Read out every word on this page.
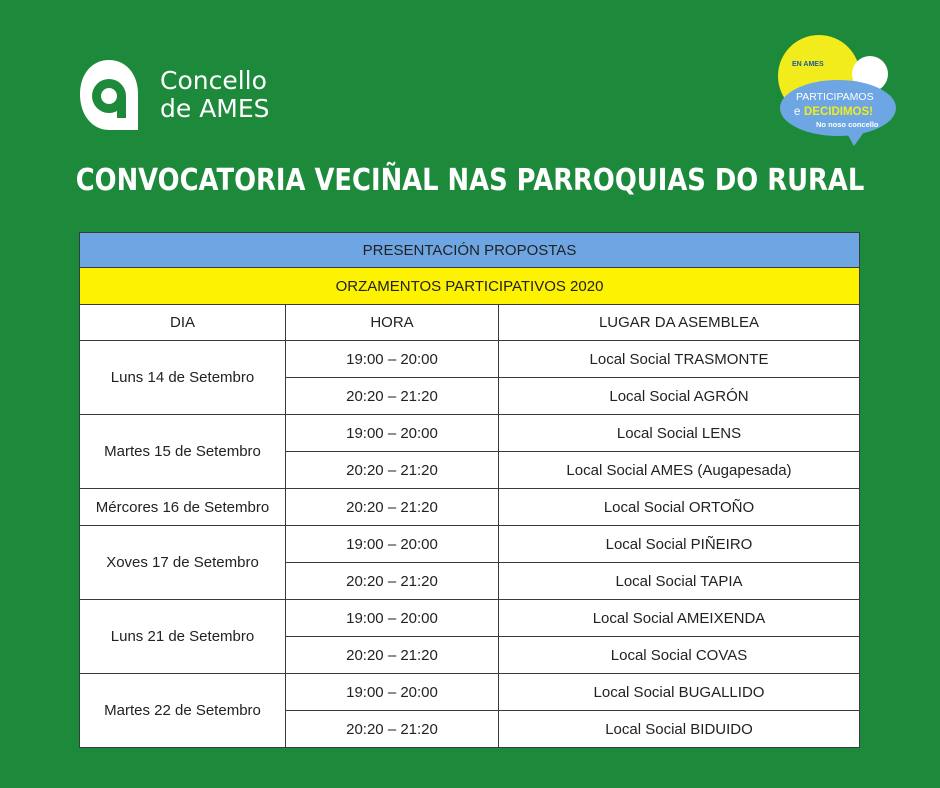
Concello
de AMES
EN AMES
PARTICIPAMOS
e DECIDIMOS!
No noso concello
CONVOCATORIA VECIÑAL NAS PARROQUIAS DO RURAL
PRESENTACIÓN PROPOSTAS		
ORZAMENTOS PARTICIPATIVOS 2020		
DIA	HORA	LUGAR DA ASEMBLEA
Luns 14 de Setembro	19:00 – 20:00	Local Social TRASMONTE
	20:20 – 21:20	Local Social AGRÓN
Martes 15 de Setembro	19:00 – 20:00	Local Social LENS
	20:20 – 21:20	Local Social AMES (Augapesada)
Mércores 16 de Setembro	20:20 – 21:20	Local Social ORTOÑO
Xoves 17 de Setembro	19:00 – 20:00	Local Social PIÑEIRO
	20:20 – 21:20	Local Social TAPIA
Luns 21 de Setembro	19:00 – 20:00	Local Social AMEIXENDA
	20:20 – 21:20	Local Social COVAS
Martes 22 de Setembro	19:00 – 20:00	Local Social BUGALLIDO
	20:20 – 21:20	Local Social BIDUIDO
